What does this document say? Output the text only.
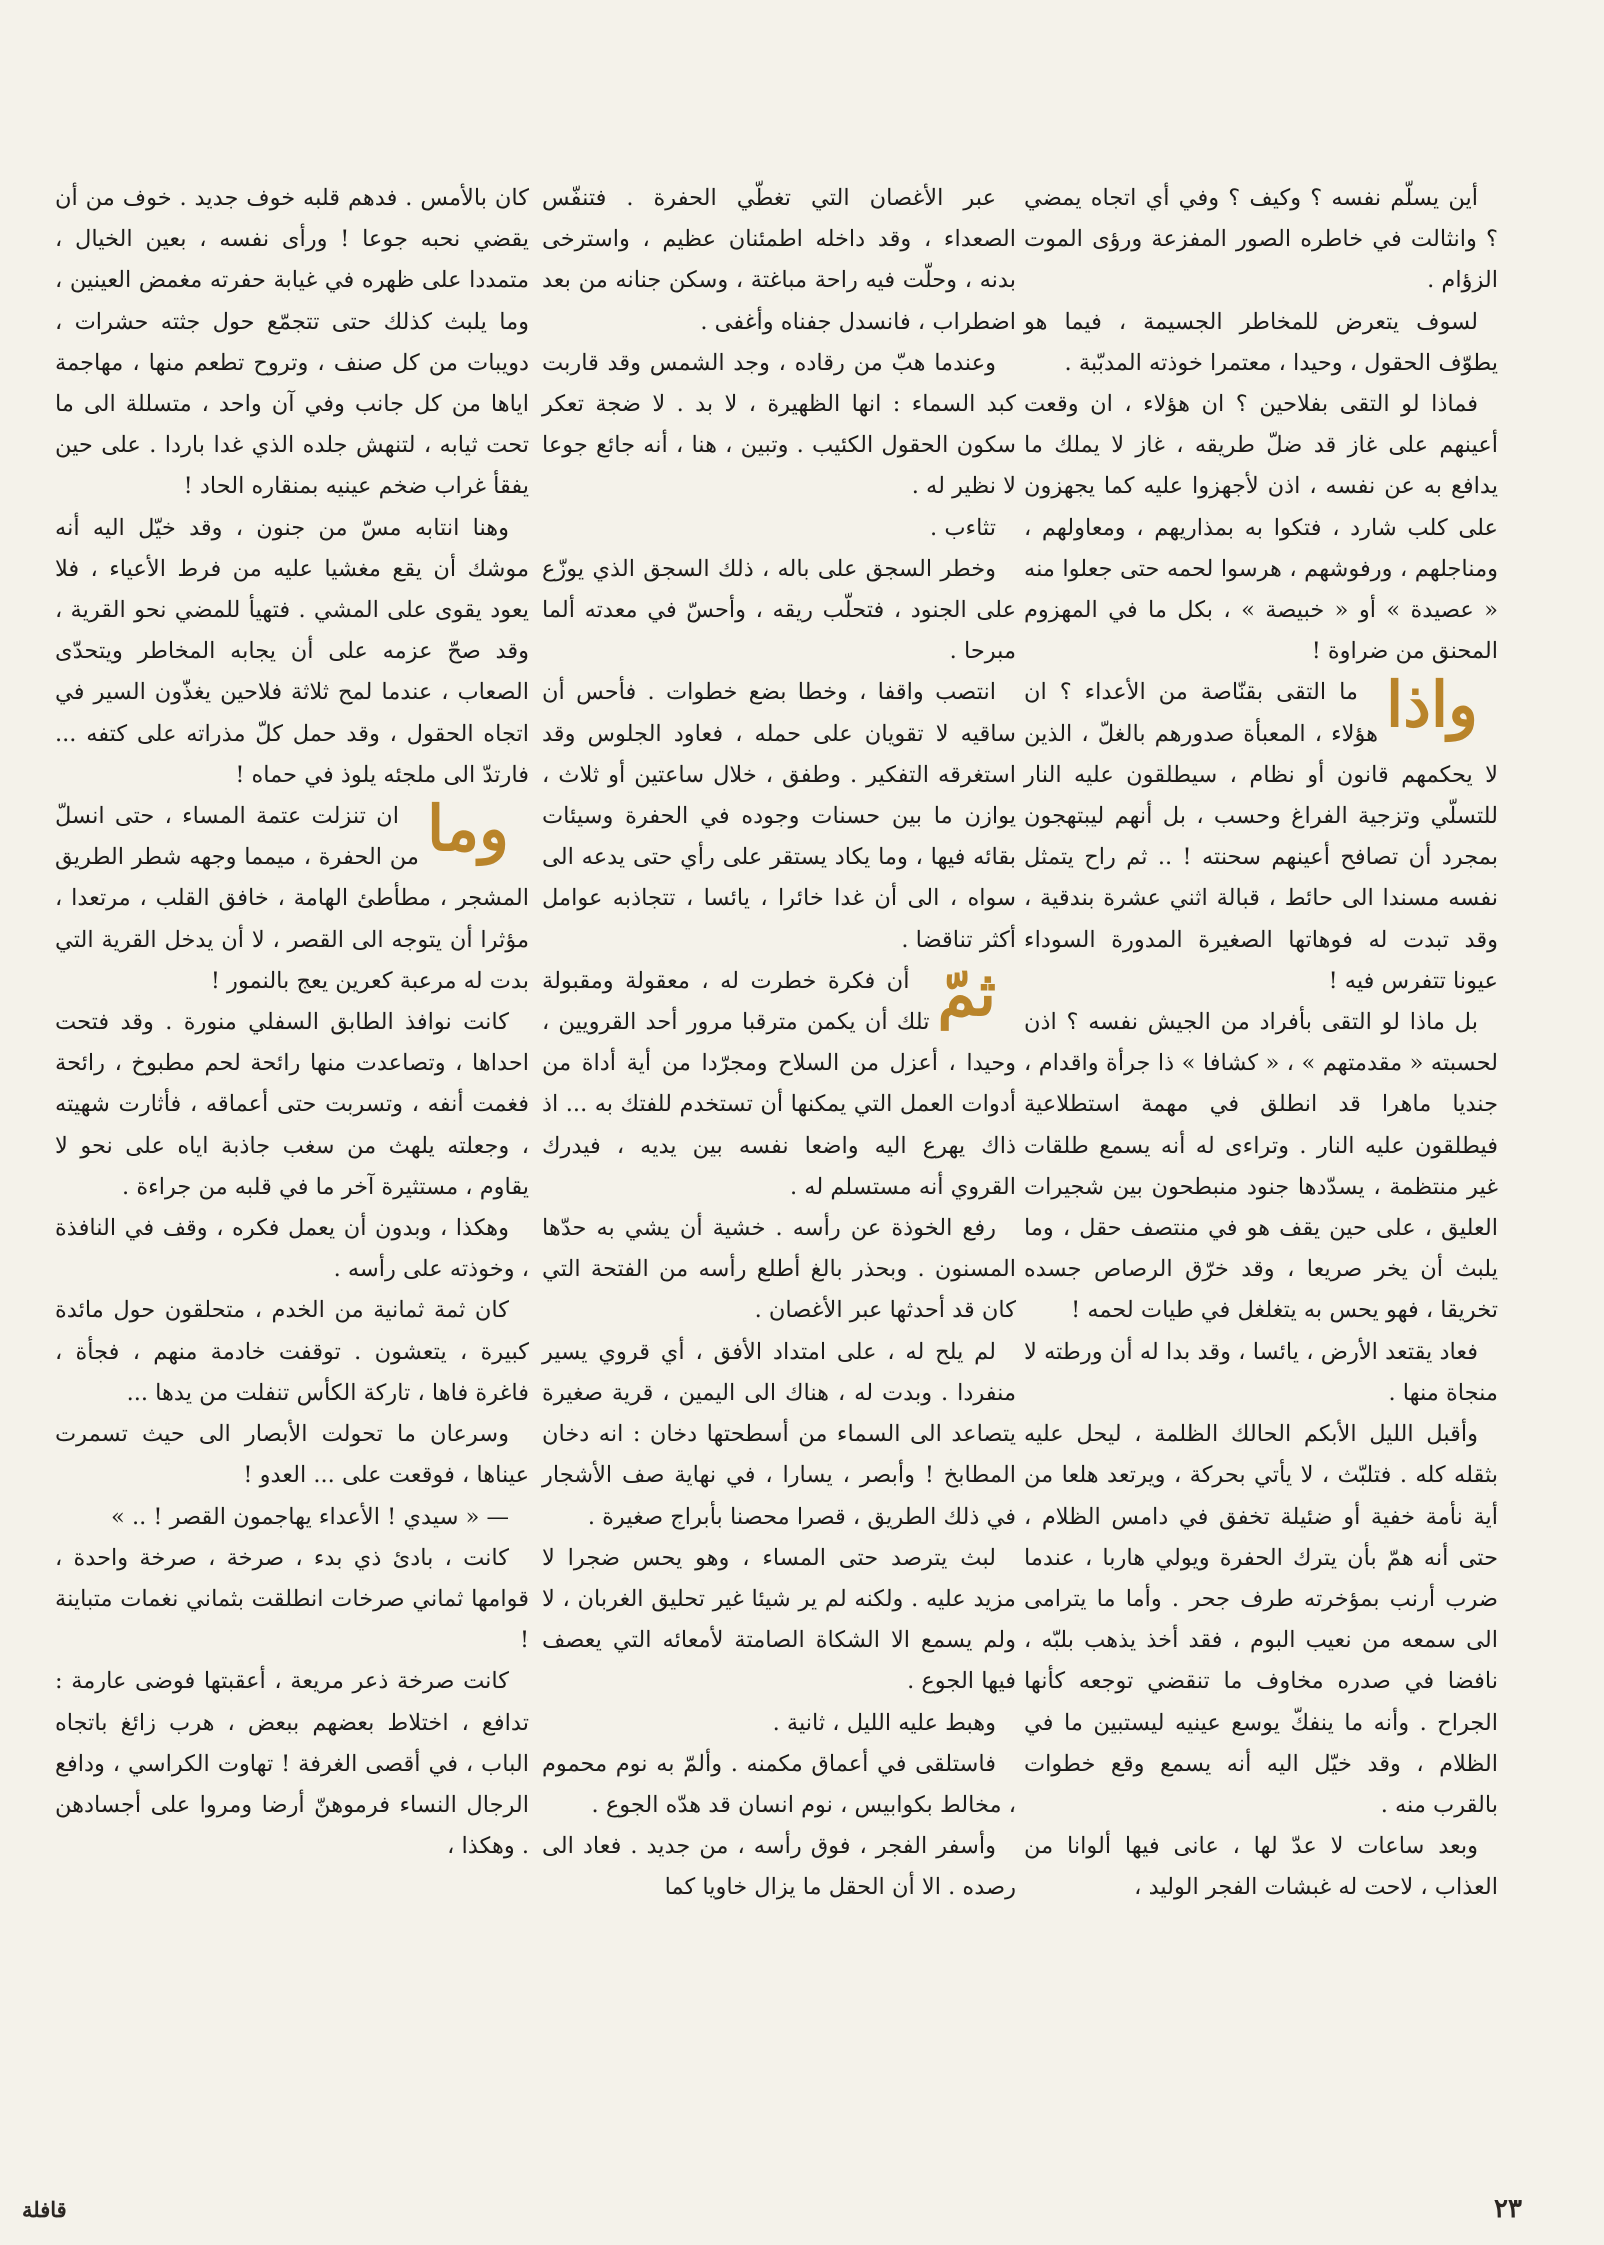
أين يسلّم نفسه ؟ وكيف ؟ وفي أي اتجاه يمضي ؟ وانثالت في خاطره الصور المفزعة ورؤى الموت الزؤام .

لسوف يتعرض للمخاطر الجسيمة ، فيما هو يطوّف الحقول ، وحيدا ، معتمرا خوذته المدبّبة .

فماذا لو التقى بفلاحين ؟ ان هؤلاء ، ان وقعت أعينهم على غاز قد ضلّ طريقه ، غاز لا يملك ما يدافع به عن نفسه ، اذن لأجهزوا عليه كما يجهزون على كلب شارد ، فتكوا به بمذاريهم ، ومعاولهم ، ومناجلهم ، ورفوشهم ، هرسوا لحمه حتى جعلوا منه « عصيدة » أو « خبيصة » ، بكل ما في المهزوم المحنق من ضراوة !

واذا
ما التقى بقنّاصة من الأعداء ؟ ان هؤلاء ، المعبأة صدورهم بالغلّ ، الذين لا يحكمهم قانون أو نظام ، سيطلقون عليه النار للتسلّي وتزجية الفراغ وحسب ، بل أنهم ليبتهجون بمجرد أن تصافح أعينهم سحنته ! .. ثم راح يتمثل نفسه مسندا الى حائط ، قبالة اثني عشرة بندقية ، وقد تبدت له فوهاتها الصغيرة المدورة السوداء عيونا تتفرس فيه !

بل ماذا لو التقى بأفراد من الجيش نفسه ؟ اذن لحسبته « مقدمتهم » ، « كشافا » ذا جرأة واقدام ، جنديا ماهرا قد انطلق في مهمة استطلاعية فيطلقون عليه النار . وتراءى له أنه يسمع طلقات غير منتظمة ، يسدّدها جنود منبطحون بين شجيرات العليق ، على حين يقف هو في منتصف حقل ، وما يلبث أن يخر صريعا ، وقد خرّق الرصاص جسده تخريقا ، فهو يحس به يتغلغل في طيات لحمه !

فعاد يقتعد الأرض ، يائسا ، وقد بدا له أن ورطته لا منجاة منها .

وأقبل الليل الأبكم الحالك الظلمة ، ليحل عليه بثقله كله . فتلبّث ، لا يأتي بحركة ، ويرتعد هلعا من أية نأمة خفية أو ضئيلة تخفق في دامس الظلام ، حتى أنه همّ بأن يترك الحفرة ويولي هاربا ، عندما ضرب أرنب بمؤخرته طرف جحر . وأما ما يترامى الى سمعه من نعيب البوم ، فقد أخذ يذهب بلبّه ، نافضا في صدره مخاوف ما تنقضي توجعه كأنها الجراح . وأنه ما ينفكّ يوسع عينيه ليستبين ما في الظلام ، وقد خيّل اليه أنه يسمع وقع خطوات بالقرب منه .

وبعد ساعات لا عدّ لها ، عانى فيها ألوانا من العذاب ، لاحت له غبشات الفجر الوليد ،

عبر الأغصان التي تغطّي الحفرة . فتنفّس الصعداء ، وقد داخله اطمئنان عظيم ، واسترخى بدنه ، وحلّت فيه راحة مباغتة ، وسكن جنانه من بعد اضطراب ، فانسدل جفناه وأغفى .

وعندما هبّ من رقاده ، وجد الشمس وقد قاربت كبد السماء : انها الظهيرة ، لا بد . لا ضجة تعكر سكون الحقول الكئيب . وتبين ، هنا ، أنه جائع جوعا لا نظير له .

تثاءب .

وخطر السجق على باله ، ذلك السجق الذي يوزّع على الجنود ، فتحلّب ريقه ، وأحسّ في معدته ألما مبرحا .

انتصب واقفا ، وخطا بضع خطوات . فأحس أن ساقيه لا تقويان على حمله ، فعاود الجلوس وقد استغرقه التفكير . وطفق ، خلال ساعتين أو ثلاث ، يوازن ما بين حسنات وجوده في الحفرة وسيئات بقائه فيها ، وما يكاد يستقر على رأي حتى يدعه الى سواه ، الى أن غدا خائرا ، يائسا ، تتجاذبه عوامل أكثر تناقضا .

ثمّ
أن فكرة خطرت له ، معقولة ومقبولة تلك أن يكمن مترقبا مرور أحد القرويين ، وحيدا ، أعزل من السلاح ومجرّدا من أية أداة من أدوات العمل التي يمكنها أن تستخدم للفتك به ... اذ ذاك يهرع اليه واضعا نفسه بين يديه ، فيدرك القروي أنه مستسلم له .

رفع الخوذة عن رأسه . خشية أن يشي به حدّها المسنون . وبحذر بالغ أطلع رأسه من الفتحة التي كان قد أحدثها عبر الأغصان .

لم يلح له ، على امتداد الأفق ، أي قروي يسير منفردا . وبدت له ، هناك الى اليمين ، قرية صغيرة يتصاعد الى السماء من أسطحتها دخان : انه دخان المطابخ ! وأبصر ، يسارا ، في نهاية صف الأشجار في ذلك الطريق ، قصرا محصنا بأبراج صغيرة .

لبث يترصد حتى المساء ، وهو يحس ضجرا لا مزيد عليه . ولكنه لم ير شيئا غير تحليق الغربان ، لا ولم يسمع الا الشكاة الصامتة لأمعائه التي يعصف فيها الجوع .

وهبط عليه الليل ، ثانية .

فاستلقى في أعماق مكمنه . وألمّ به نوم محموم ، مخالط بكوابيس ، نوم انسان قد هدّه الجوع .

وأسفر الفجر ، فوق رأسه ، من جديد . فعاد الى رصده . الا أن الحقل ما يزال خاويا كما

كان بالأمس . فدهم قلبه خوف جديد . خوف من أن يقضي نحبه جوعا ! ورأى نفسه ، بعين الخيال ، متمددا على ظهره في غيابة حفرته مغمض العينين ، وما يلبث كذلك حتى تتجمّع حول جثته حشرات ، دويبات من كل صنف ، وتروح تطعم منها ، مهاجمة اياها من كل جانب وفي آن واحد ، متسللة الى ما تحت ثيابه ، لتنهش جلده الذي غدا باردا . على حين يفقأ غراب ضخم عينيه بمنقاره الحاد !

وهنا انتابه مسّ من جنون ، وقد خيّل اليه أنه موشك أن يقع مغشيا عليه من فرط الأعياء ، فلا يعود يقوى على المشي . فتهيأ للمضي نحو القرية ، وقد صحّ عزمه على أن يجابه المخاطر ويتحدّى الصعاب ، عندما لمح ثلاثة فلاحين يغذّون السير في اتجاه الحقول ، وقد حمل كلّ مذراته على كتفه ... فارتدّ الى ملجئه يلوذ في حماه !

وما
ان تنزلت عتمة المساء ، حتى انسلّ من الحفرة ، ميمما وجهه شطر الطريق المشجر ، مطأطئ الهامة ، خافق القلب ، مرتعدا ، مؤثرا أن يتوجه الى القصر ، لا أن يدخل القرية التي بدت له مرعبة كعرين يعج بالنمور !

كانت نوافذ الطابق السفلي منورة . وقد فتحت احداها ، وتصاعدت منها رائحة لحم مطبوخ ، رائحة فغمت أنفه ، وتسربت حتى أعماقه ، فأثارت شهيته ، وجعلته يلهث من سغب جاذبة اياه على نحو لا يقاوم ، مستثيرة آخر ما في قلبه من جراءة .

وهكذا ، وبدون أن يعمل فكره ، وقف في النافذة ، وخوذته على رأسه .

كان ثمة ثمانية من الخدم ، متحلقون حول مائدة كبيرة ، يتعشون . توقفت خادمة منهم ، فجأة ، فاغرة فاها ، تاركة الكأس تنفلت من يدها ...

وسرعان ما تحولت الأبصار الى حيث تسمرت عيناها ، فوقعت على ... العدو !

— « سيدي ! الأعداء يهاجمون القصر ! .. »

كانت ، بادئ ذي بدء ، صرخة ، صرخة واحدة ، قوامها ثماني صرخات انطلقت بثماني نغمات متباينة !

كانت صرخة ذعر مريعة ، أعقبتها فوضى عارمة : تدافع ، اختلاط بعضهم ببعض ، هرب زائغ باتجاه الباب ، في أقصى الغرفة ! تهاوت الكراسي ، ودافع الرجال النساء فرموهنّ أرضا ومروا على أجسادهن . وهكذا ،

٢٣
قافلة
